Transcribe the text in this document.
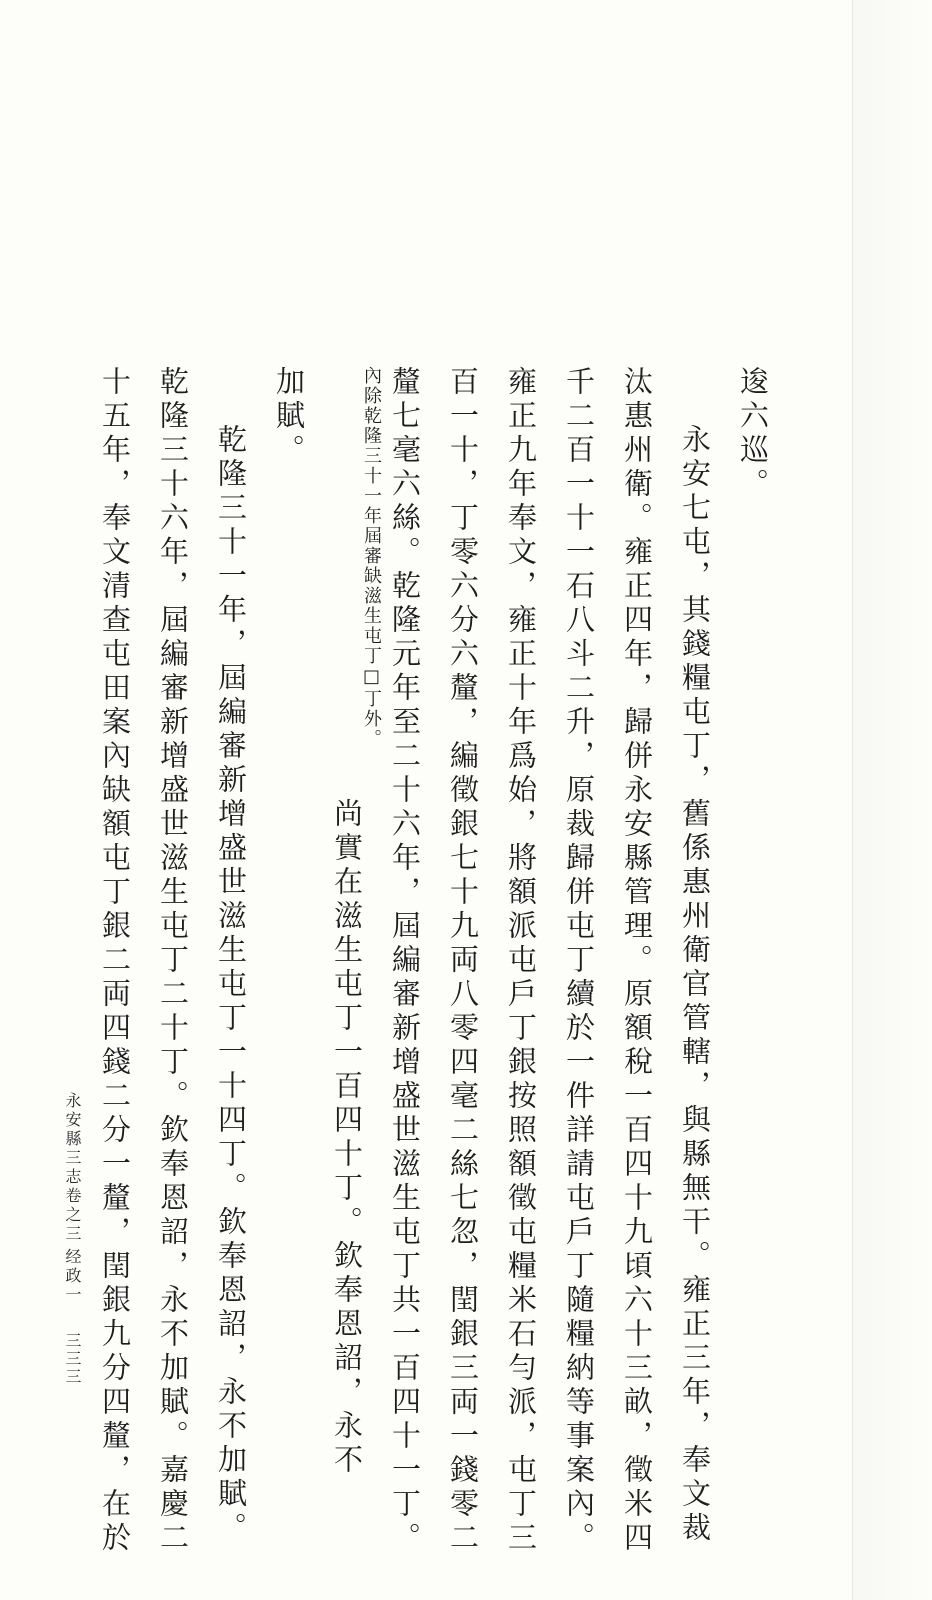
逡六巡。
永安七屯，其錢糧屯丁，舊係惠州衛官管轄，與縣無干。雍正三年，奉文裁
汰惠州衛。雍正四年，歸併永安縣管理。原額稅一百四十九頃六十三畝，徵米四
千二百一十一石八斗二升，原裁歸併屯丁續於一件詳請屯戶丁隨糧納等事案內。
雍正九年奉文，雍正十年爲始，將額派屯戶丁銀按照額徵屯糧米石勻派，屯丁三
百一十，丁零六分六釐，編徵銀七十九両八零四毫二絲七忽，閏銀三両一錢零二
釐七毫六絲。乾隆元年至二十六年，屆編審新增盛世滋生屯丁共一百四十一丁。
內除乾隆三十一年屆審缺滋生屯丁□丁外。
尚實在滋生屯丁一百四十丁。欽奉恩詔，永不
加賦。
乾隆三十一年，屆編審新增盛世滋生屯丁一十四丁。欽奉恩詔，永不加賦。
乾隆三十六年，屆編審新增盛世滋生屯丁二十丁。欽奉恩詔，永不加賦。嘉慶二
十五年，奉文清查屯田案內缺額屯丁銀二両四錢二分一釐，閏銀九分四釐，在於
永安縣三志卷之三
经政一
三三三
